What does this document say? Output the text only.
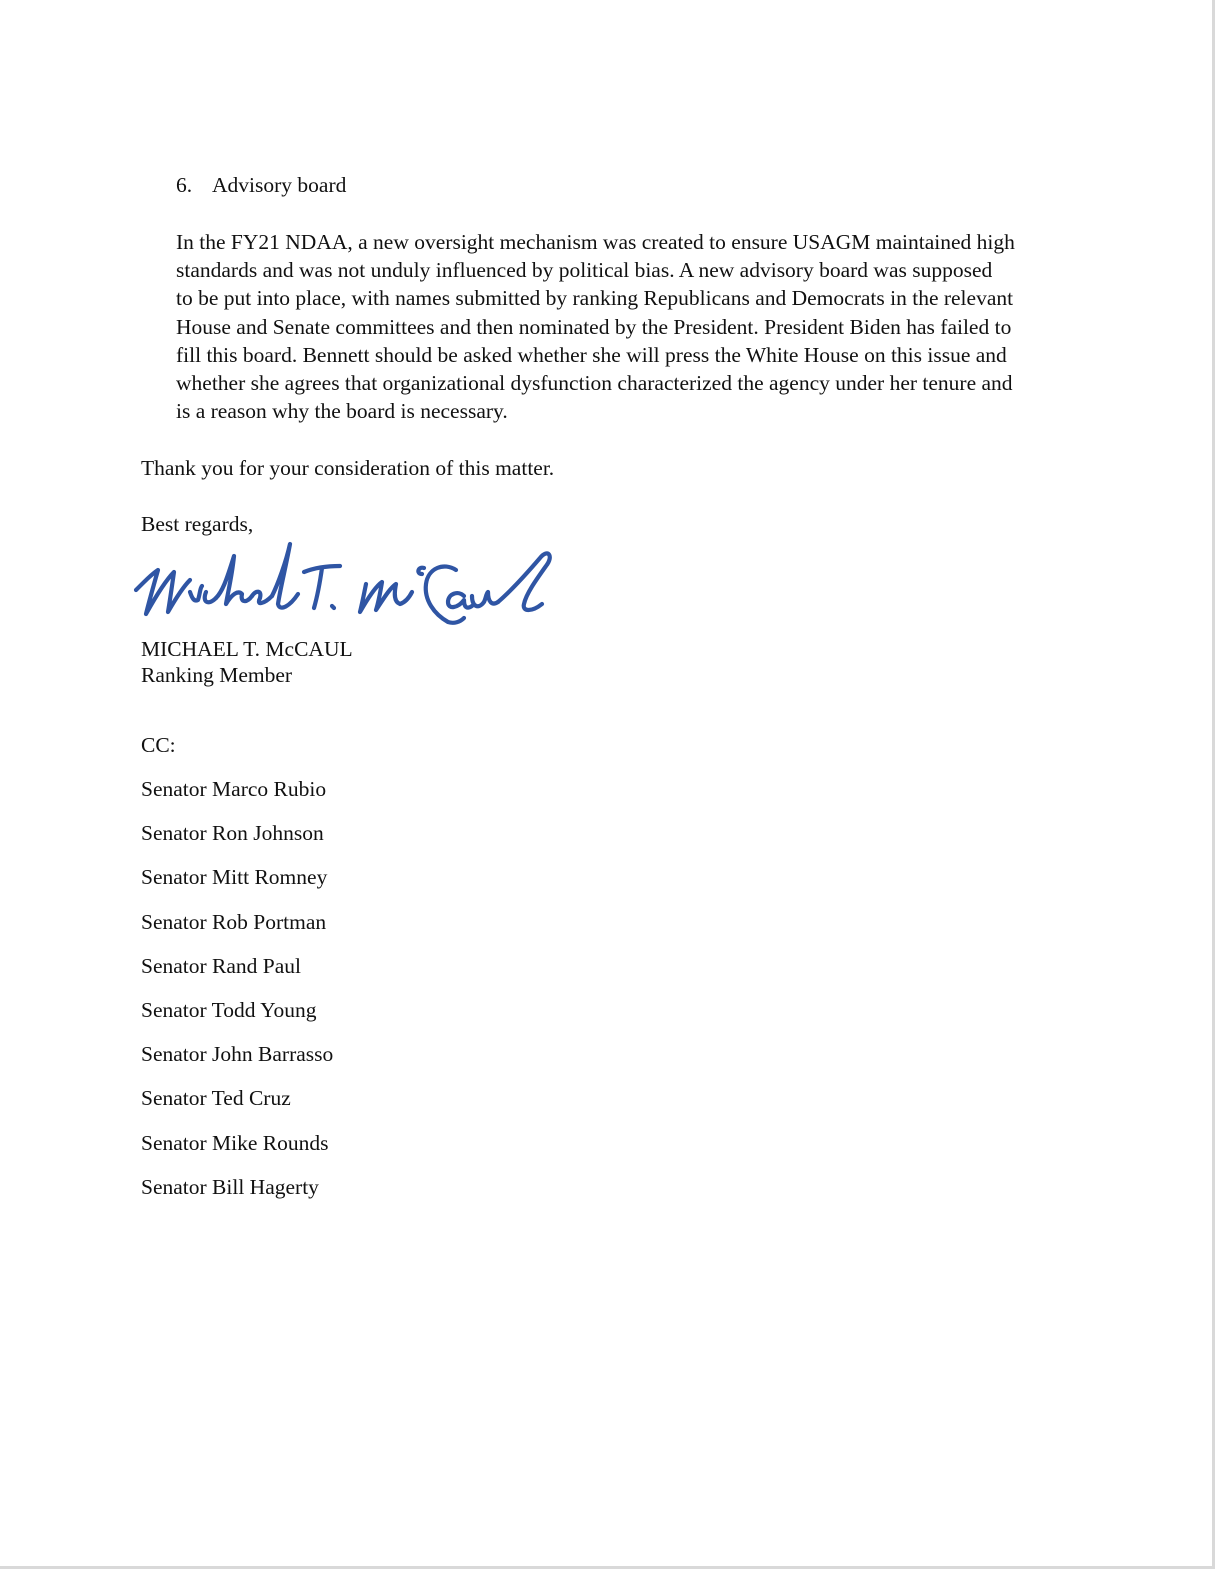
6. Advisory board
In the FY21 NDAA, a new oversight mechanism was created to ensure USAGM maintained high
standards and was not unduly influenced by political bias. A new advisory board was supposed
to be put into place, with names submitted by ranking Republicans and Democrats in the relevant
House and Senate committees and then nominated by the President. President Biden has failed to
fill this board. Bennett should be asked whether she will press the White House on this issue and
whether she agrees that organizational dysfunction characterized the agency under her tenure and
is a reason why the board is necessary.
Thank you for your consideration of this matter.
Best regards,
MICHAEL T. McCAUL
Ranking Member
CC:
Senator Marco Rubio
Senator Ron Johnson
Senator Mitt Romney
Senator Rob Portman
Senator Rand Paul
Senator Todd Young
Senator John Barrasso
Senator Ted Cruz
Senator Mike Rounds
Senator Bill Hagerty
